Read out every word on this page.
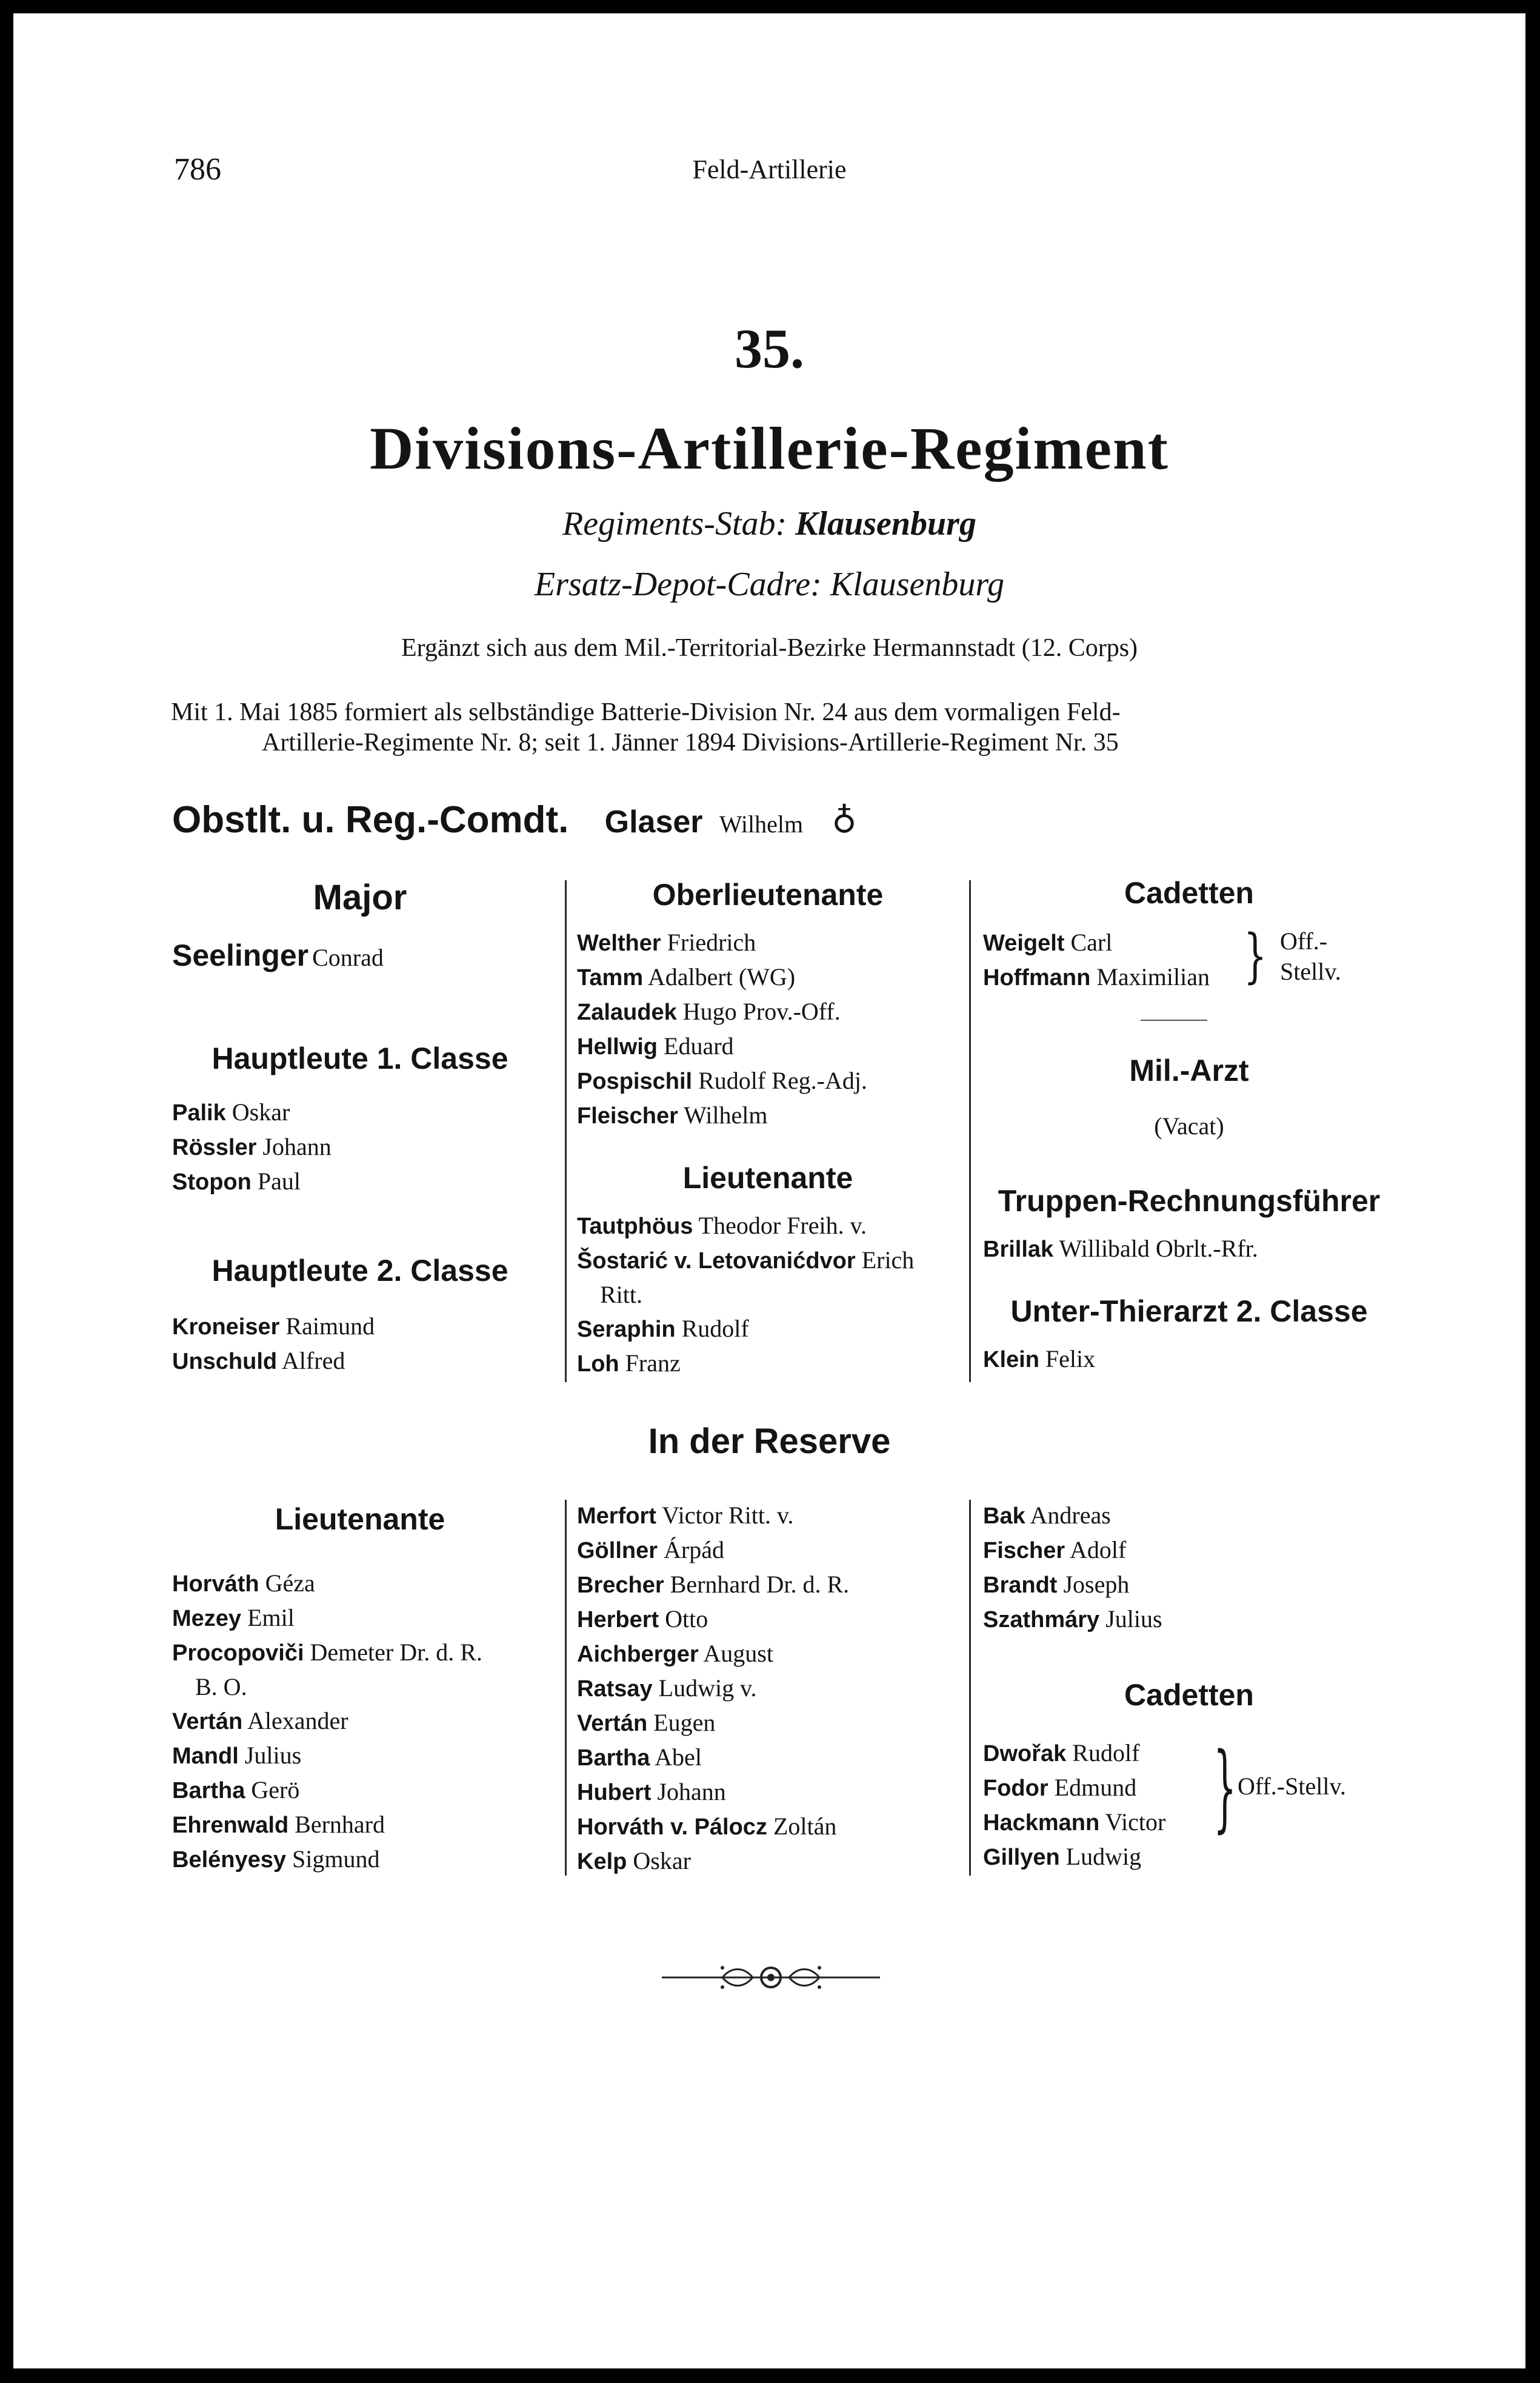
786	Feld-Artillerie
35.
Divisions-Artillerie-Regiment
Regiments-Stab: Klausenburg
Ersatz-Depot-Cadre: Klausenburg
Ergänzt sich aus dem Mil.-Territorial-Bezirke Hermannstadt (12. Corps)
Mit 1. Mai 1885 formiert als selbständige Batterie-Division Nr. 24 aus dem vormaligen Feld-
Artillerie-Regimente Nr. 8; seit 1. Jänner 1894 Divisions-Artillerie-Regiment Nr. 35
Obstlt. u. Reg.-Comdt. Glaser Wilhelm ♁
Major
Seelinger Conrad
Hauptleute 1. Classe
Palik Oskar
Rössler Johann
Stopon Paul
Hauptleute 2. Classe
Kroneiser Raimund
Unschuld Alfred
Oberlieutenante
Welther Friedrich
Tamm Adalbert (WG)
Zalaudek Hugo Prov.-Off.
Hellwig Eduard
Pospischil Rudolf Reg.-Adj.
Fleischer Wilhelm
Lieutenante
Tautphöus Theodor Freih. v.
Šostarić v. Letovanićdvor Erich
Ritt.
Seraphin Rudolf
Loh Franz
Cadetten
Weigelt Carl
Hoffmann Maximilian } Off.-
Stellv.
Mil.-Arzt
(Vacat)
Truppen-Rechnungsführer
Brillak Willibald Obrlt.-Rfr.
Unter-Thierarzt 2. Classe
Klein Felix
In der Reserve
Lieutenante
Horváth Géza
Mezey Emil
Procopoviči Demeter Dr. d. R.
B. O.
Vertán Alexander
Mandl Julius
Bartha Gerö
Ehrenwald Bernhard
Belényesy Sigmund
Merfort Victor Ritt. v.
Göllner Árpád
Brecher Bernhard Dr. d. R.
Herbert Otto
Aichberger August
Ratsay Ludwig v.
Vertán Eugen
Bartha Abel
Hubert Johann
Horváth v. Pálocz Zoltán
Kelp Oskar
Bak Andreas
Fischer Adolf
Brandt Joseph
Szathmáry Julius
Cadetten
Dwořak Rudolf
Fodor Edmund
Hackmann Victor
Gillyen Ludwig
} Off.-Stellv.
